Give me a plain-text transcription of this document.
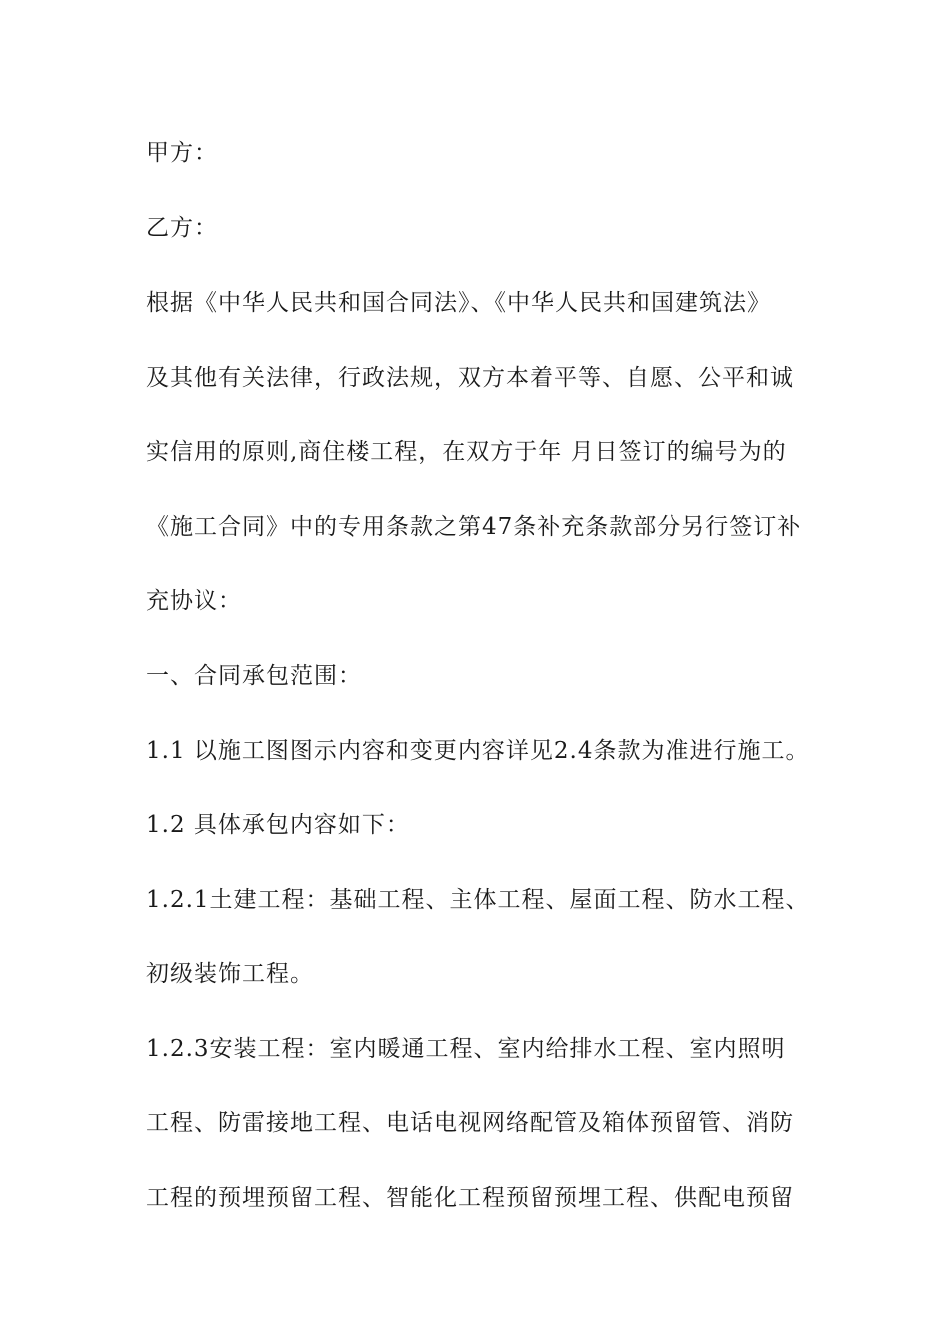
甲方：
乙方：
根据《中华人民共和国合同法》、《中华人民共和国建筑法》
及其他有关法律，行政法规，双方本着平等、自愿、公平和诚
实信用的原则,商住楼工程，在双方于年 月日签订的编号为的
《施工合同》中的专用条款之第47条补充条款部分另行签订补
充协议：
一、合同承包范围：
1.1 以施工图图示内容和变更内容详见2.4条款为准进行施工。
1.2 具体承包内容如下：
1.2.1土建工程：基础工程、主体工程、屋面工程、防水工程、
初级装饰工程。
1.2.3安装工程：室内暖通工程、室内给排水工程、室内照明
工程、防雷接地工程、电话电视网络配管及箱体预留管、消防
工程的预埋预留工程、智能化工程预留预埋工程、供配电预留
